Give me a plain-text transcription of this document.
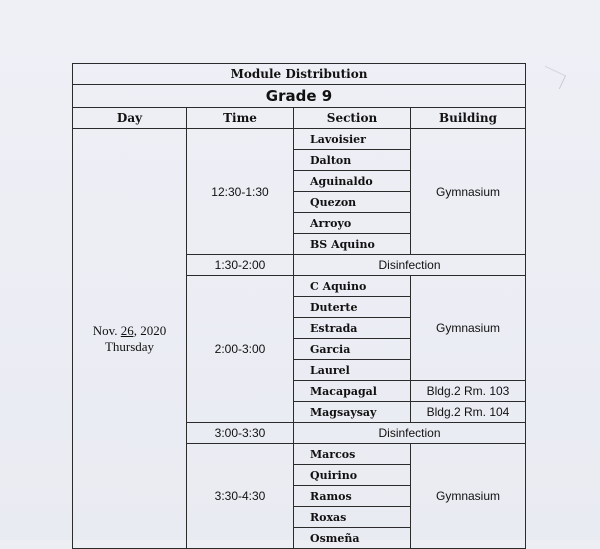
Module Distribution			
Grade 9			
Day	Time	Section	Building

Nov. 26, 2020
Thursday	12:30-1:30	Lavoisier	Gymnasium
		Dalton	
		Aguinaldo	
		Quezon	
		Arroyo	
		BS Aquino	
	1:30-2:00	Disinfection	
	2:00-3:00	C Aquino	Gymnasium
		Duterte	
		Estrada	
		Garcia	
		Laurel	
		Macapagal	Bldg.2 Rm. 103
		Magsaysay	Bldg.2 Rm. 104
	3:00-3:30	Disinfection	
	3:30-4:30	Marcos	Gymnasium
		Quirino	
		Ramos	
		Roxas	
		Osmeña	
